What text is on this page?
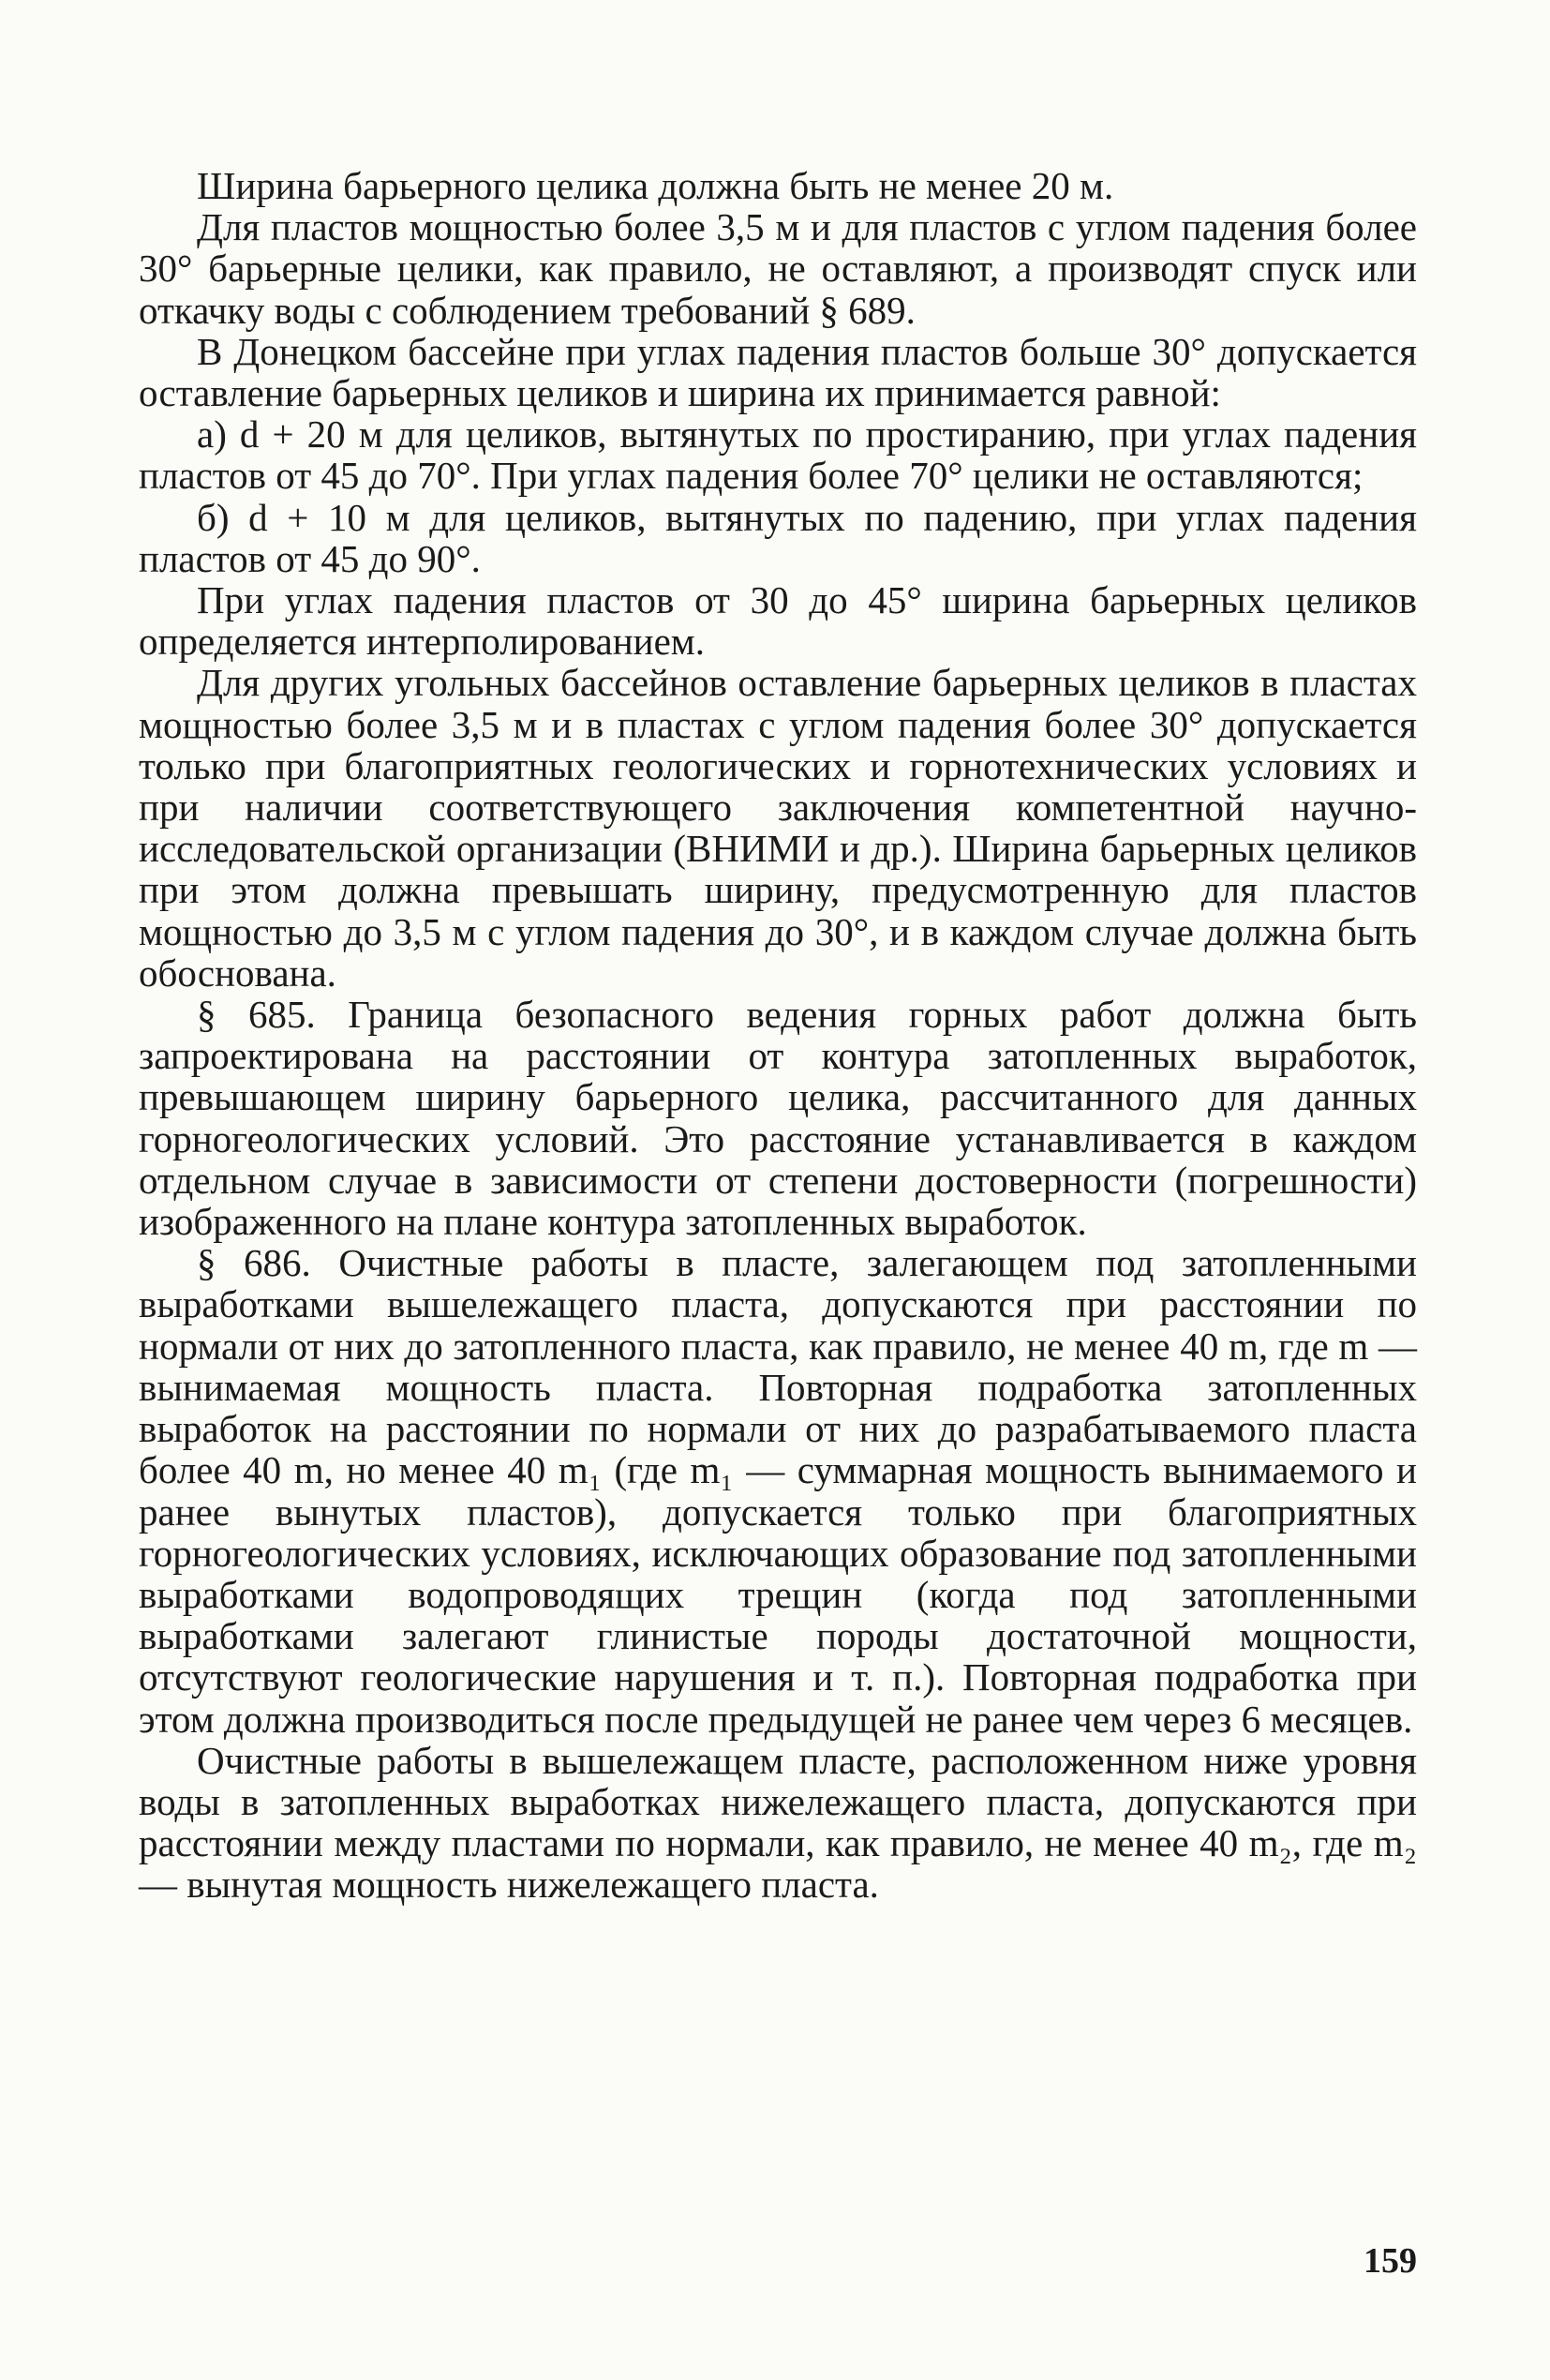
Ширина барьерного целика должна быть не менее 20 м.

Для пластов мощностью более 3,5 м и для пластов с углом падения более 30° барьерные целики, как правило, не оставляют, а производят спуск или откачку воды с соблюдением требований § 689.

В Донецком бассейне при углах падения пластов больше 30° допускается оставление барьерных целиков и ширина их принимается равной:

а) d + 20 м для целиков, вытянутых по простиранию, при углах падения пластов от 45 до 70°. При углах падения более 70° целики не оставляются;

б) d + 10 м для целиков, вытянутых по падению, при углах падения пластов от 45 до 90°.

При углах падения пластов от 30 до 45° ширина барьерных целиков определяется интерполированием.

Для других угольных бассейнов оставление барьерных целиков в пластах мощностью более 3,5 м и в пластах с углом падения более 30° допускается только при благоприятных геологических и горнотехнических условиях и при наличии соответствующего заключения компетентной научно-исследовательской организации (ВНИМИ и др.). Ширина барьерных целиков при этом должна превышать ширину, предусмотренную для пластов мощностью до 3,5 м с углом падения до 30°, и в каждом случае должна быть обоснована.

§ 685. Граница безопасного ведения горных работ должна быть запроектирована на расстоянии от контура затопленных выработок, превышающем ширину барьерного целика, рассчитанного для данных горногеологических условий. Это расстояние устанавливается в каждом отдельном случае в зависимости от степени достоверности (погрешности) изображенного на плане контура затопленных выработок.

§ 686. Очистные работы в пласте, залегающем под затопленными выработками вышележащего пласта, допускаются при расстоянии по нормали от них до затопленного пласта, как правило, не менее 40 m, где m — вынимаемая мощность пласта. Повторная подработка затопленных выработок на расстоянии по нормали от них до разрабатываемого пласта более 40 m, но менее 40 m₁ (где m₁ — суммарная мощность вынимаемого и ранее вынутых пластов), допускается только при благоприятных горногеологических условиях, исключающих образование под затопленными выработками водопроводящих трещин (когда под затопленными выработками залегают глинистые породы достаточной мощности, отсутствуют геологические нарушения и т. п.). Повторная подработка при этом должна производиться после предыдущей не ранее чем через 6 месяцев.

Очистные работы в вышележащем пласте, расположенном ниже уровня воды в затопленных выработках нижележащего пласта, допускаются при расстоянии между пластами по нормали, как правило, не менее 40 m₂, где m₂ — вынутая мощность нижележащего пласта.

159
